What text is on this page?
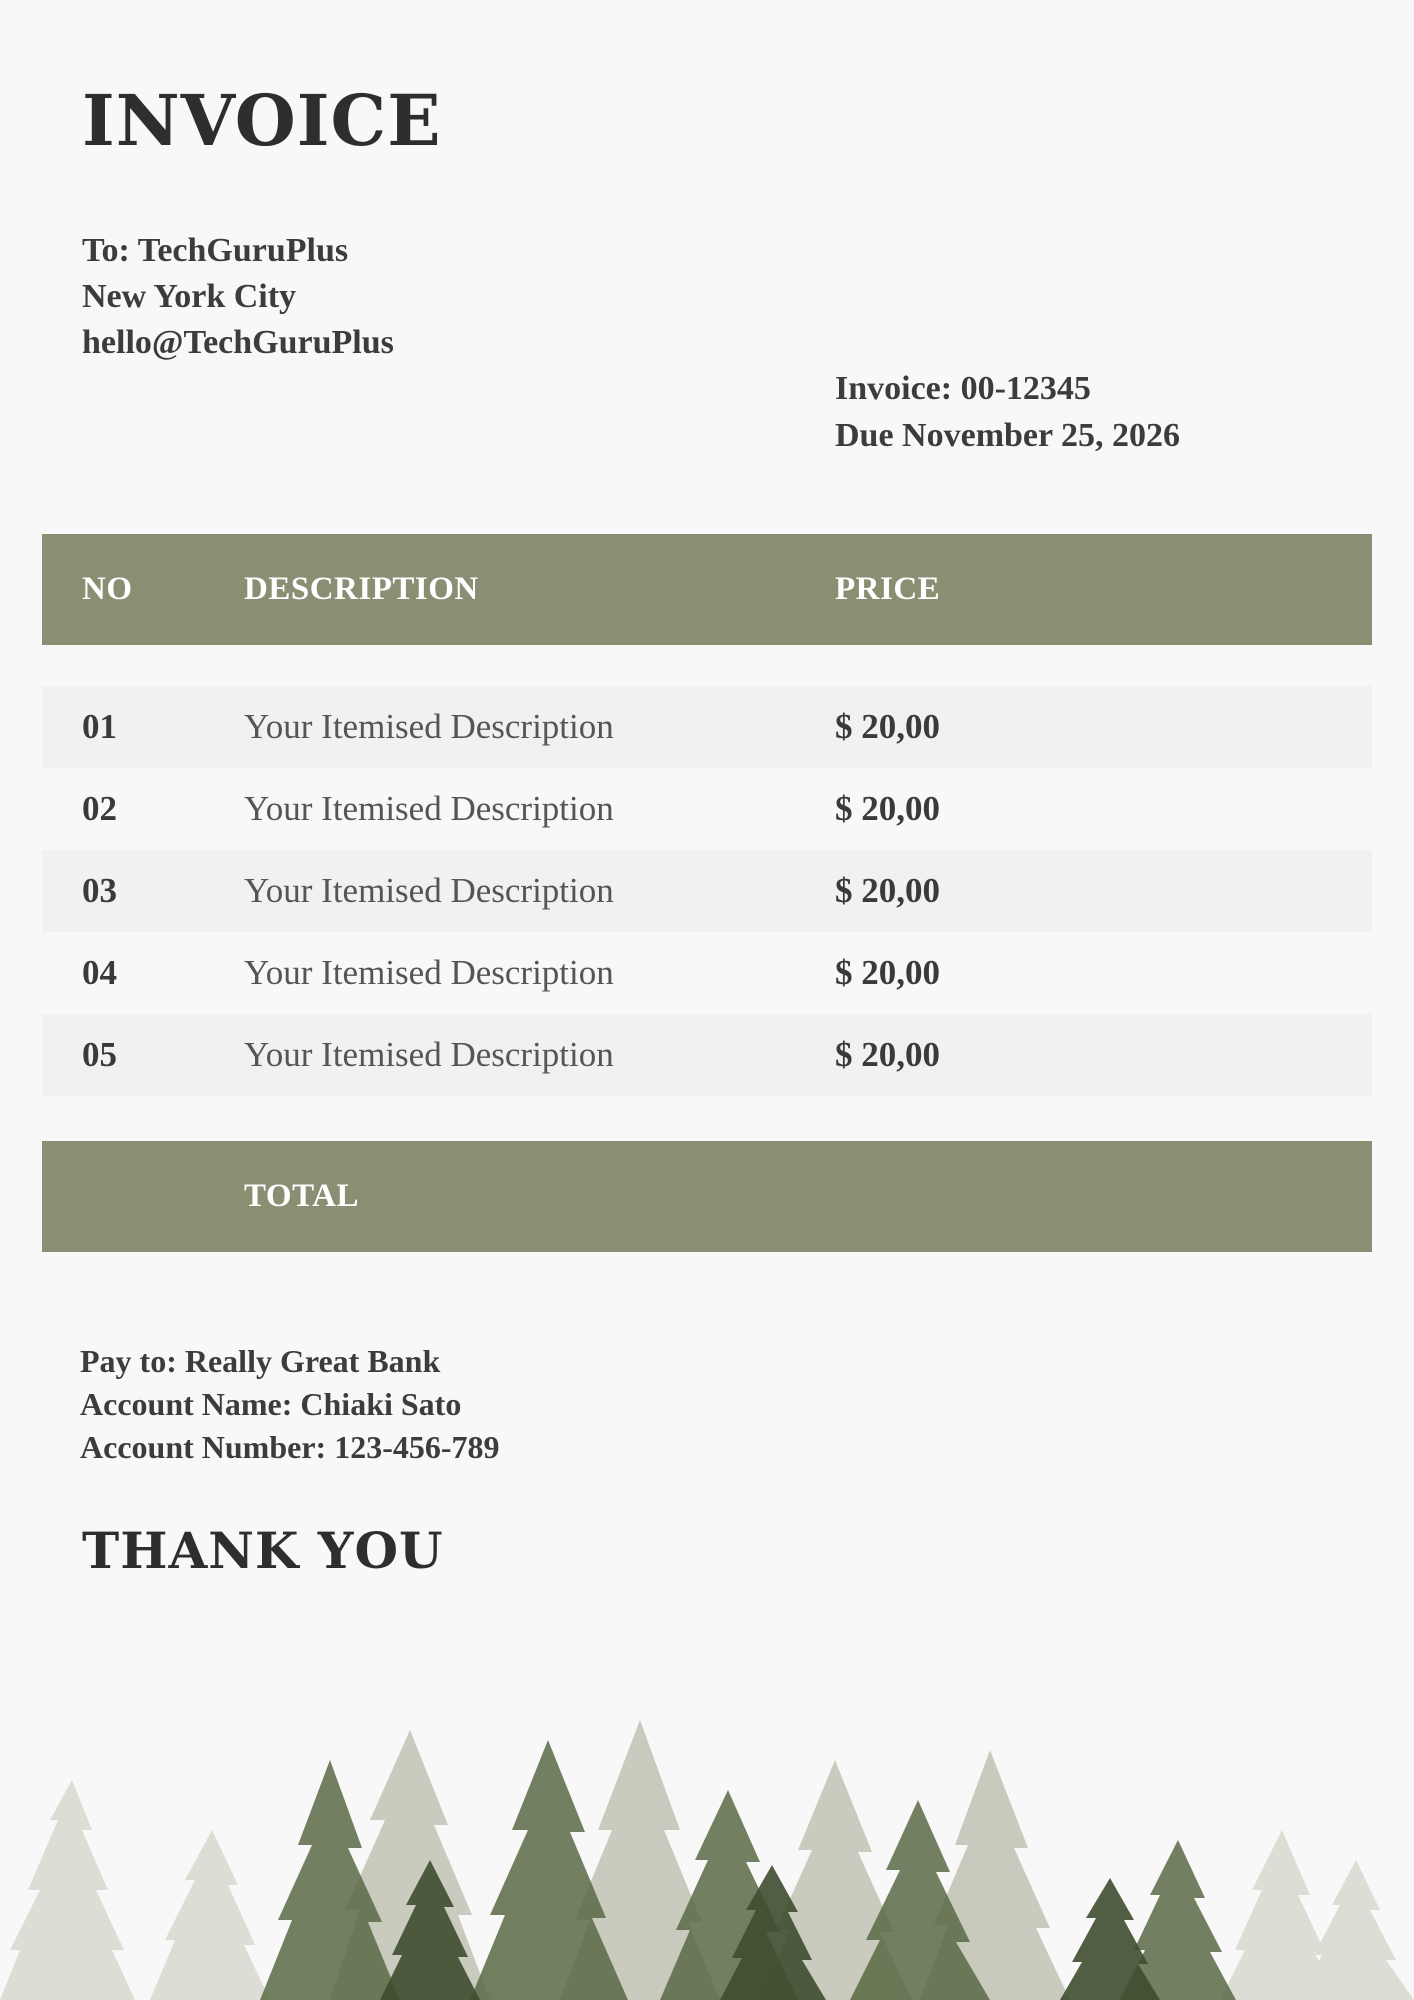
INVOICE
To: TechGuruPlus
New York City
hello@TechGuruPlus
Invoice: 00-12345
Due November 25, 2026
NO	DESCRIPTION	PRICE
01	Your Itemised Description	$ 20,00
02	Your Itemised Description	$ 20,00
03	Your Itemised Description	$ 20,00
04	Your Itemised Description	$ 20,00
05	Your Itemised Description	$ 20,00
TOTAL
Pay to: Really Great Bank
Account Name: Chiaki Sato
Account Number: 123-456-789
THANK YOU
